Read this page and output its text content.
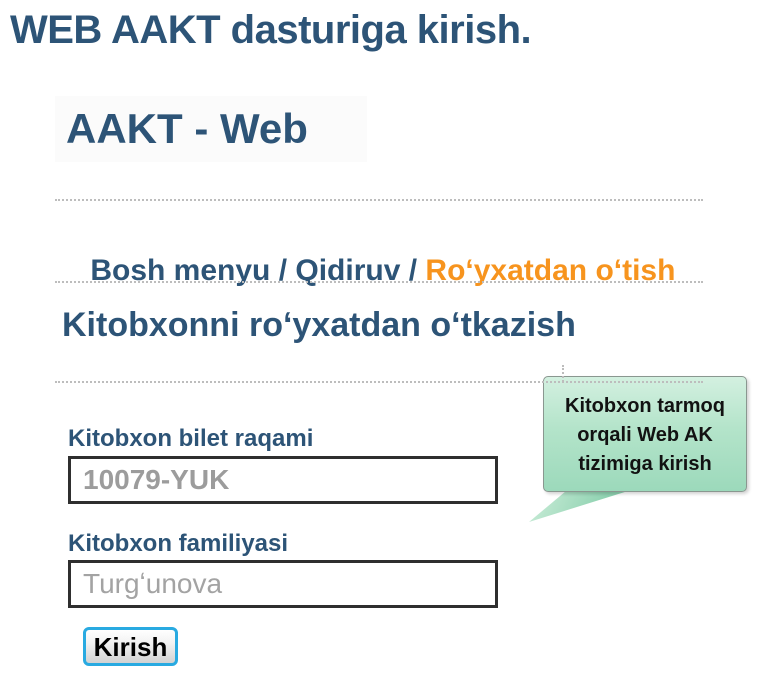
WEB AAKT dasturiga kirish.
AAKT - Web

Bosh menyu / Qidiruv / Roʻyxatdan oʻtish

Kitobxonni roʻyxatdan oʻtkazish
Kitobxon tarmoq
orqali Web AK
tizimiga kirish
Kitobxon bilet raqami
10079-YUK
Kitobxon familiyasi
Turgʻunova
Kirish
